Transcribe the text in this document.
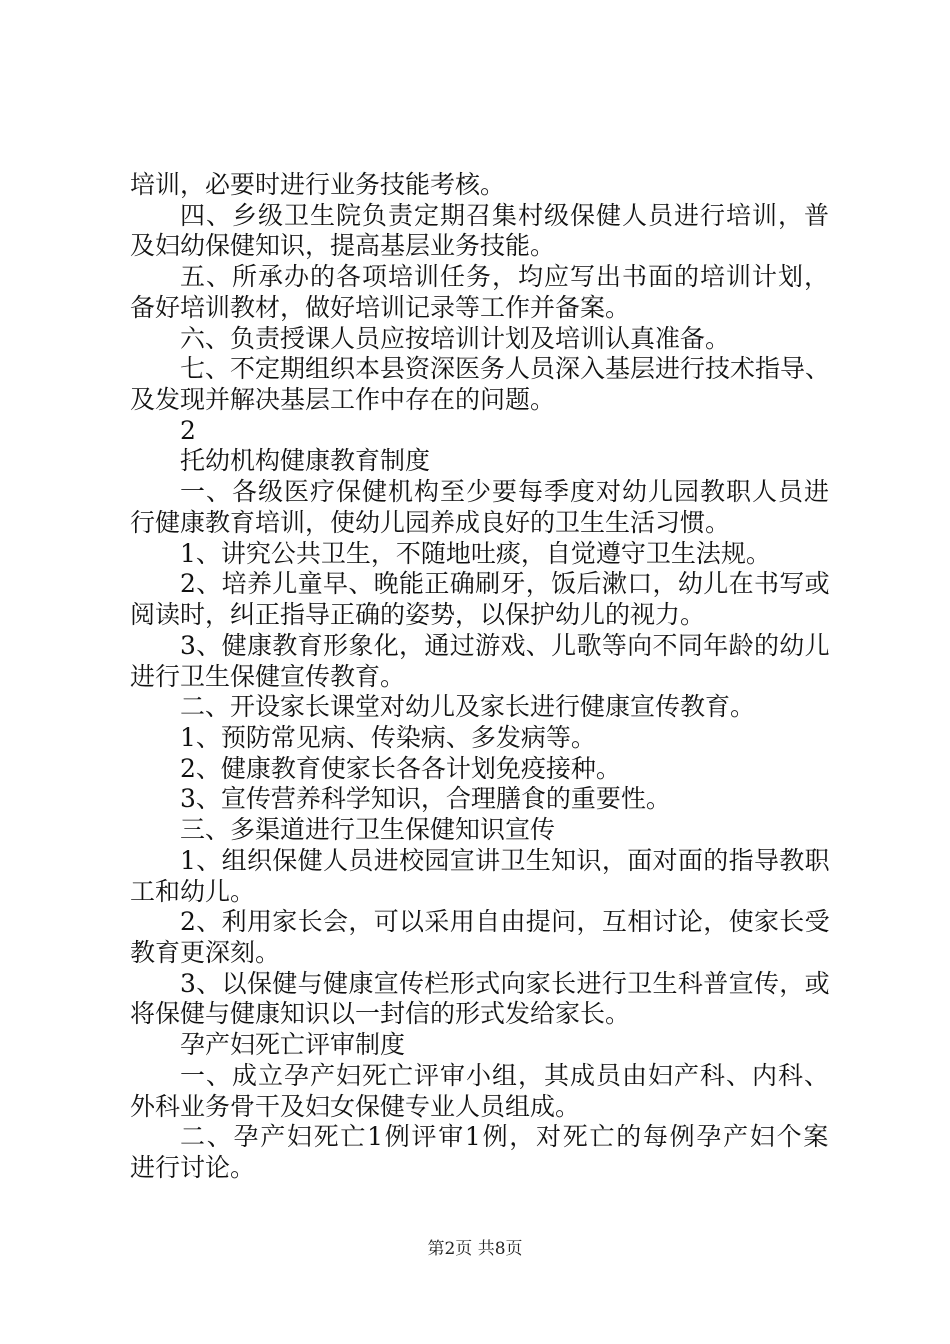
培训，必要时进行业务技能考核。
四、乡级卫生院负责定期召集村级保健人员进行培训，普
及妇幼保健知识，提高基层业务技能。
五、所承办的各项培训任务，均应写出书面的培训计划，
备好培训教材，做好培训记录等工作并备案。
六、负责授课人员应按培训计划及培训认真准备。
七、不定期组织本县资深医务人员深入基层进行技术指导、
及发现并解决基层工作中存在的问题。
2
托幼机构健康教育制度
一、各级医疗保健机构至少要每季度对幼儿园教职人员进
行健康教育培训，使幼儿园养成良好的卫生生活习惯。
1、讲究公共卫生，不随地吐痰，自觉遵守卫生法规。
2、培养儿童早、晚能正确刷牙，饭后漱口，幼儿在书写或
阅读时，纠正指导正确的姿势，以保护幼儿的视力。
3、健康教育形象化，通过游戏、儿歌等向不同年龄的幼儿
进行卫生保健宣传教育。
二、开设家长课堂对幼儿及家长进行健康宣传教育。
1、预防常见病、传染病、多发病等。
2、健康教育使家长各各计划免疫接种。
3、宣传营养科学知识，合理膳食的重要性。
三、多渠道进行卫生保健知识宣传
1、组织保健人员进校园宣讲卫生知识，面对面的指导教职
工和幼儿。
2、利用家长会，可以采用自由提问，互相讨论，使家长受
教育更深刻。
3、以保健与健康宣传栏形式向家长进行卫生科普宣传，或
将保健与健康知识以一封信的形式发给家长。
孕产妇死亡评审制度
一、成立孕产妇死亡评审小组，其成员由妇产科、内科、
外科业务骨干及妇女保健专业人员组成。
二、孕产妇死亡1例评审1例，对死亡的每例孕产妇个案
进行讨论。
第2页 共8页
